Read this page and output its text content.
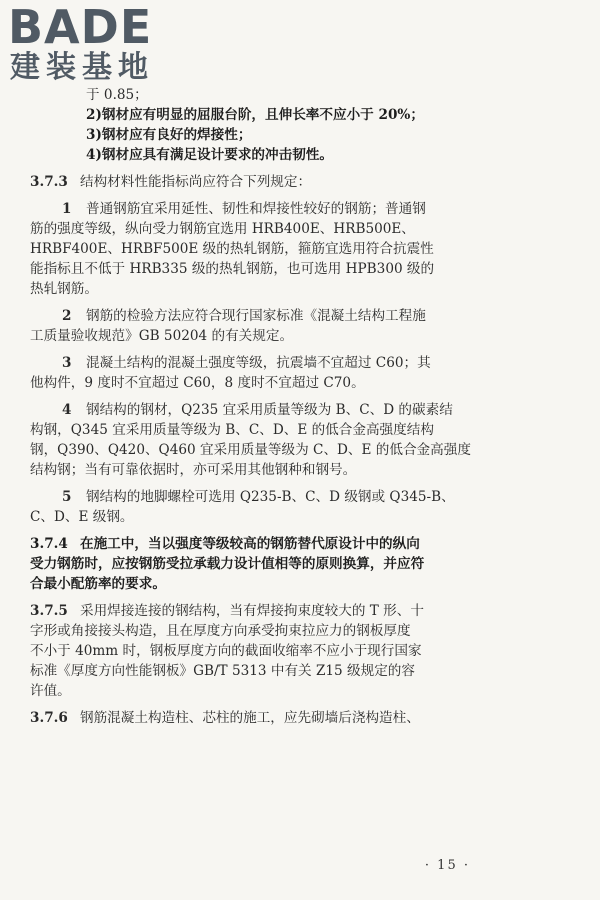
BADE
建装基地

于 0.85；

2)钢材应有明显的屈服台阶，且伸长率不应小于 20%；

3)钢材应有良好的焊接性；

4)钢材应具有满足设计要求的冲击韧性。

3.7.3 结构材料性能指标尚应符合下列规定：

1 普通钢筋宜采用延性、韧性和焊接性较好的钢筋；普通钢

筋的强度等级，纵向受力钢筋宜选用 HRB400E、HRB500E、

HRBF400E、HRBF500E 级的热轧钢筋，箍筋宜选用符合抗震性

能指标且不低于 HRB335 级的热轧钢筋，也可选用 HPB300 级的

热轧钢筋。

2 钢筋的检验方法应符合现行国家标准《混凝土结构工程施

工质量验收规范》GB 50204 的有关规定。

3 混凝土结构的混凝土强度等级，抗震墙不宜超过 C60；其

他构件，9 度时不宜超过 C60，8 度时不宜超过 C70。

4 钢结构的钢材，Q235 宜采用质量等级为 B、C、D 的碳素结

构钢，Q345 宜采用质量等级为 B、C、D、E 的低合金高强度结构

钢，Q390、Q420、Q460 宜采用质量等级为 C、D、E 的低合金高强度

结构钢；当有可靠依据时，亦可采用其他钢种和钢号。

5 钢结构的地脚螺栓可选用 Q235-B、C、D 级钢或 Q345-B、

C、D、E 级钢。

3.7.4 在施工中，当以强度等级较高的钢筋替代原设计中的纵向

受力钢筋时，应按钢筋受拉承载力设计值相等的原则换算，并应符

合最小配筋率的要求。

3.7.5 采用焊接连接的钢结构，当有焊接拘束度较大的 T 形、十

字形或角接接头构造，且在厚度方向承受拘束拉应力的钢板厚度

不小于 40mm 时，钢板厚度方向的截面收缩率不应小于现行国家

标准《厚度方向性能钢板》GB/T 5313 中有关 Z15 级规定的容

许值。

3.7.6 钢筋混凝土构造柱、芯柱的施工，应先砌墙后浇构造柱、

· 15 ·
